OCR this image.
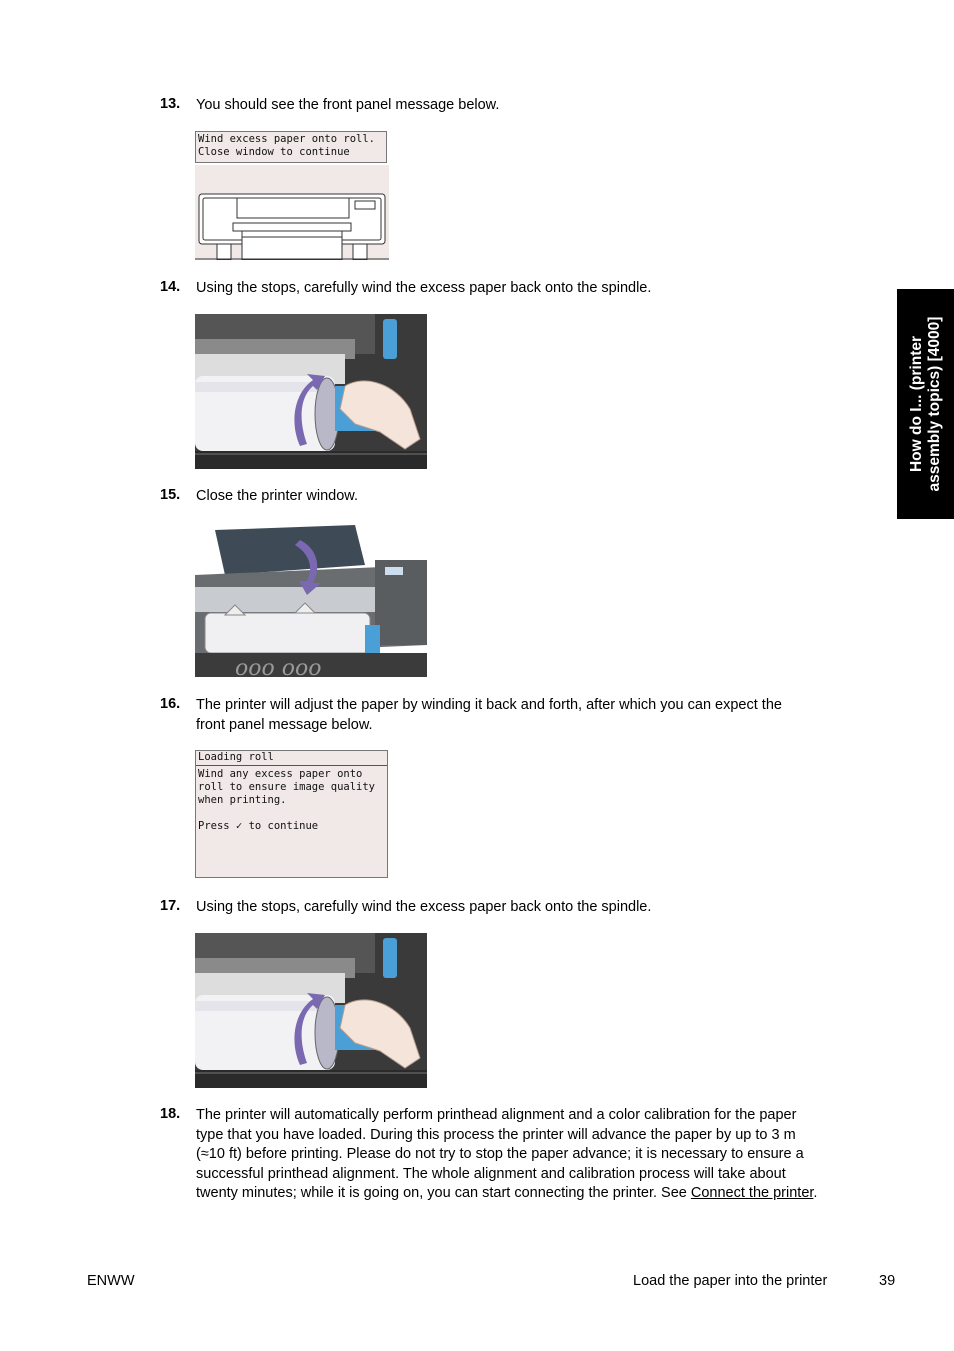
How do I... (printer assembly topics) [4000]
13. You should see the front panel message below.
Wind excess paper onto roll.
Close window to continue
14. Using the stops, carefully wind the excess paper back onto the spindle.
15. Close the printer window.
ooo ooo
16. The printer will adjust the paper by winding it back and forth, after which you can expect the
front panel message below.
Loading roll
Wind any excess paper onto
roll to ensure image quality
when printing.
Press ✓ to continue
17. Using the stops, carefully wind the excess paper back onto the spindle.
18. The printer will automatically perform printhead alignment and a color calibration for the paper
type that you have loaded. During this process the printer will advance the paper by up to 3 m
(≈10 ft) before printing. Please do not try to stop the paper advance; it is necessary to ensure a
successful printhead alignment. The whole alignment and calibration process will take about
twenty minutes; while it is going on, you can start connecting the printer. See Connect the printer.
ENWW	Load the paper into the printer	39
